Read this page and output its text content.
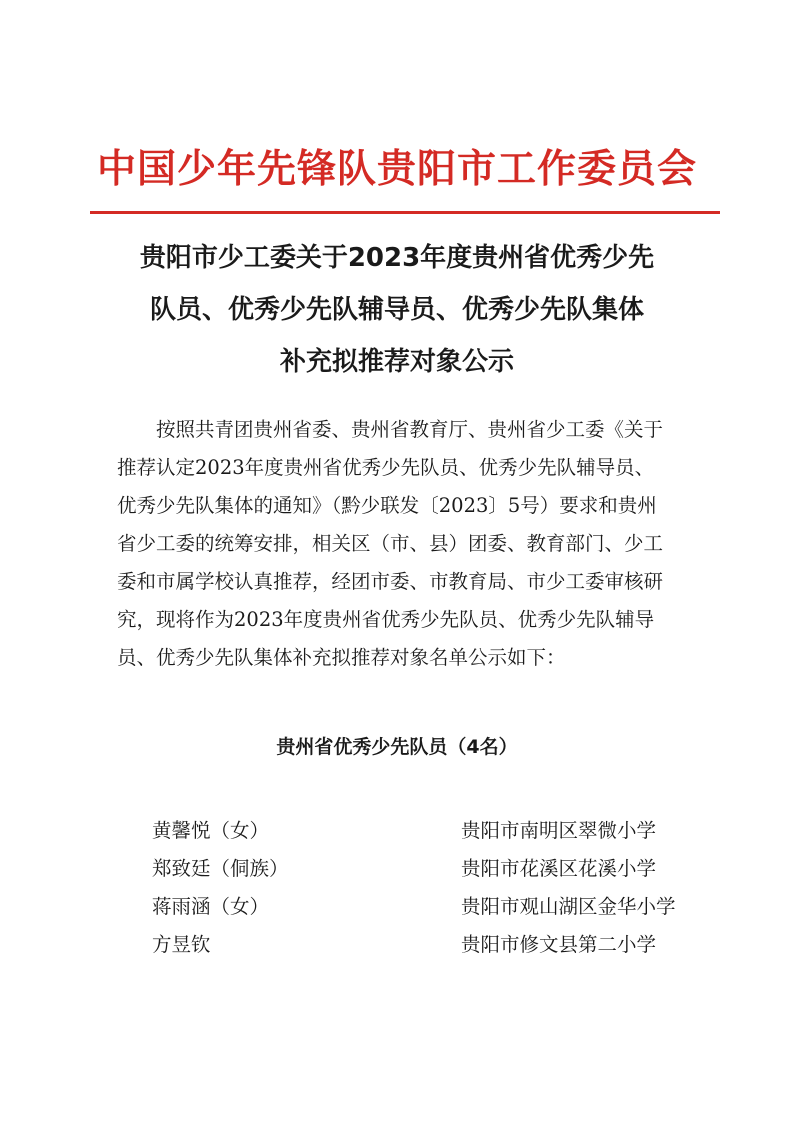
中国少年先锋队贵阳市工作委员会
贵阳市少工委关于2023年度贵州省优秀少先
队员、优秀少先队辅导员、优秀少先队集体
补充拟推荐对象公示
　　按照共青团贵州省委、贵州省教育厅、贵州省少工委《关于
推荐认定2023年度贵州省优秀少先队员、优秀少先队辅导员、
优秀少先队集体的通知》（黔少联发〔2023〕5号）要求和贵州
省少工委的统筹安排，相关区（市、县）团委、教育部门、少工
委和市属学校认真推荐，经团市委、市教育局、市少工委审核研
究，现将作为2023年度贵州省优秀少先队员、优秀少先队辅导
员、优秀少先队集体补充拟推荐对象名单公示如下：
贵州省优秀少先队员（4名）
黄馨悦（女）	贵阳市南明区翠微小学
郑致廷（侗族）	贵阳市花溪区花溪小学
蒋雨涵（女）	贵阳市观山湖区金华小学
方昱钦	贵阳市修文县第二小学
